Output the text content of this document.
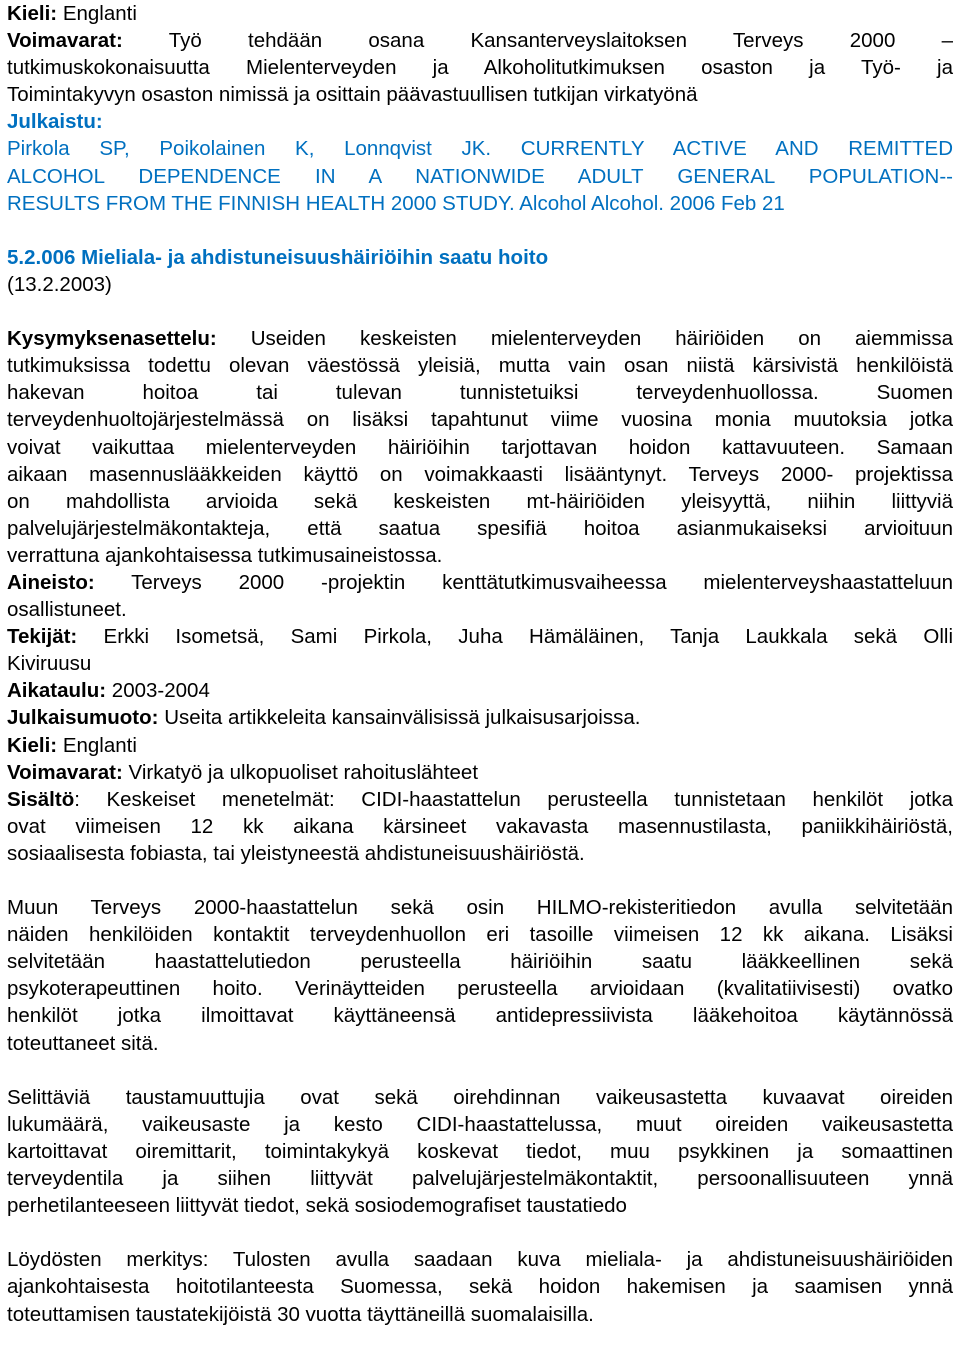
Kieli: Englanti
Voimavarat: Työ tehdään osana Kansanterveyslaitoksen Terveys 2000 –
tutkimuskokonaisuutta Mielenterveyden ja Alkoholitutkimuksen osaston ja Työ- ja
Toimintakyvyn osaston nimissä ja osittain päävastuullisen tutkijan virkatyönä
Julkaistu:
Pirkola SP, Poikolainen K, Lonnqvist JK. CURRENTLY ACTIVE AND REMITTED
ALCOHOL DEPENDENCE IN A NATIONWIDE ADULT GENERAL POPULATION--
RESULTS FROM THE FINNISH HEALTH 2000 STUDY. Alcohol Alcohol. 2006 Feb 21
5.2.006 Mieliala- ja ahdistuneisuushäiriöihin saatu hoito
(13.2.2003)
Kysymyksenasettelu: Useiden keskeisten mielenterveyden häiriöiden on aiemmissa
tutkimuksissa todettu olevan väestössä yleisiä, mutta vain osan niistä kärsivistä henkilöistä
hakevan hoitoa tai tulevan tunnistetuiksi terveydenhuollossa. Suomen
terveydenhuoltojärjestelmässä on lisäksi tapahtunut viime vuosina monia muutoksia jotka
voivat vaikuttaa mielenterveyden häiriöihin tarjottavan hoidon kattavuuteen. Samaan
aikaan masennuslääkkeiden käyttö on voimakkaasti lisääntynyt. Terveys 2000- projektissa
on mahdollista arvioida sekä keskeisten mt-häiriöiden yleisyyttä, niihin liittyviä
palvelujärjestelmäkontakteja, että saatua spesifiä hoitoa asianmukaiseksi arvioituun
verrattuna ajankohtaisessa tutkimusaineistossa.
Aineisto: Terveys 2000 -projektin kenttätutkimusvaiheessa mielenterveyshaastatteluun
osallistuneet.
Tekijät: Erkki Isometsä, Sami Pirkola, Juha Hämäläinen, Tanja Laukkala sekä Olli
Kiviruusu
Aikataulu: 2003-2004
Julkaisumuoto: Useita artikkeleita kansainvälisissä julkaisusarjoissa.
Kieli: Englanti
Voimavarat: Virkatyö ja ulkopuoliset rahoituslähteet
Sisältö: Keskeiset menetelmät: CIDI-haastattelun perusteella tunnistetaan henkilöt jotka
ovat viimeisen 12 kk aikana kärsineet vakavasta masennustilasta, paniikkihäiriöstä,
sosiaalisesta fobiasta, tai yleistyneestä ahdistuneisuushäiriöstä.
Muun Terveys 2000-haastattelun sekä osin HILMO-rekisteritiedon avulla selvitetään
näiden henkilöiden kontaktit terveydenhuollon eri tasoille viimeisen 12 kk aikana. Lisäksi
selvitetään haastattelutiedon perusteella häiriöihin saatu lääkkeellinen sekä
psykoterapeuttinen hoito. Verinäytteiden perusteella arvioidaan (kvalitatiivisesti) ovatko
henkilöt jotka ilmoittavat käyttäneensä antidepressiivista lääkehoitoa käytännössä
toteuttaneet sitä.
Selittäviä taustamuuttujia ovat sekä oirehdinnan vaikeusastetta kuvaavat oireiden
lukumäärä, vaikeusaste ja kesto CIDI-haastattelussa, muut oireiden vaikeusastetta
kartoittavat oiremittarit, toimintakykyä koskevat tiedot, muu psykkinen ja somaattinen
terveydentila ja siihen liittyvät palvelujärjestelmäkontaktit, persoonallisuuteen ynnä
perhetilanteeseen liittyvät tiedot, sekä sosiodemografiset taustatiedo
Löydösten merkitys: Tulosten avulla saadaan kuva mieliala- ja ahdistuneisuushäiriöiden
ajankohtaisesta hoitotilanteesta Suomessa, sekä hoidon hakemisen ja saamisen ynnä
toteuttamisen taustatekijöistä 30 vuotta täyttäneillä suomalaisilla.
